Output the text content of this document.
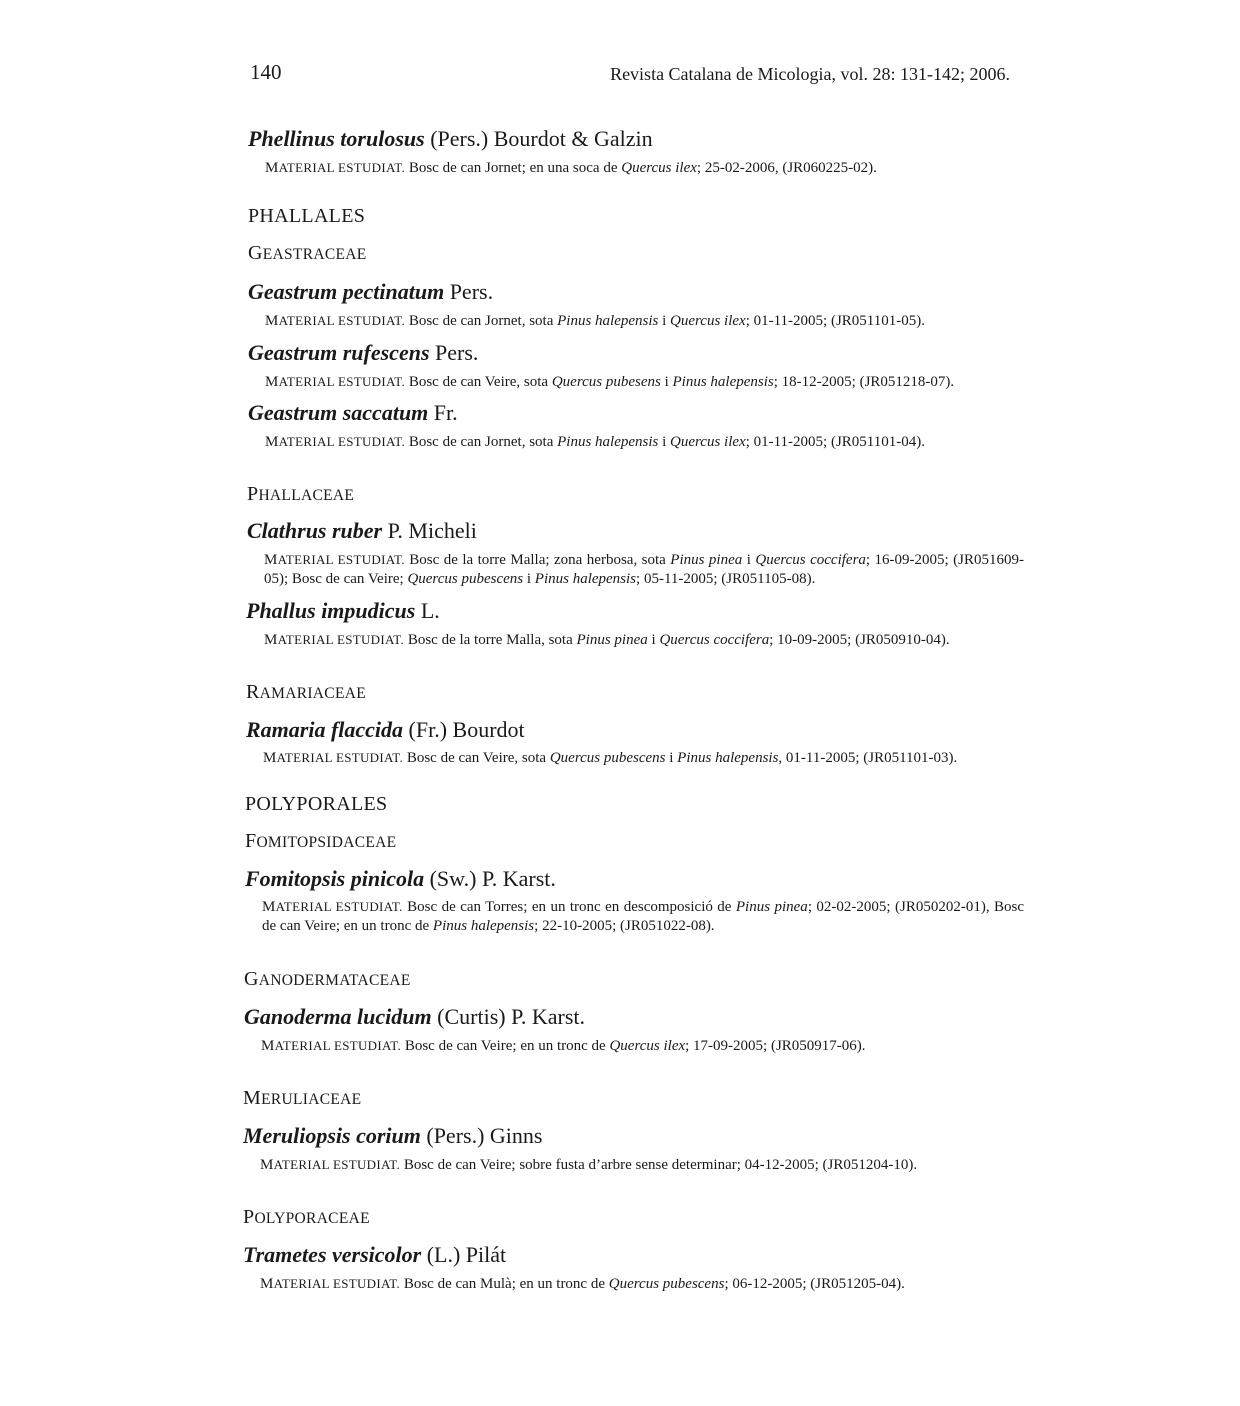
140	Revista Catalana de Micologia, vol. 28: 131-142; 2006.
Phellinus torulosus (Pers.) Bourdot & Galzin
MATERIAL ESTUDIAT. Bosc de can Jornet; en una soca de Quercus ilex; 25-02-2006, (JR060225-02).
PHALLALES
GEASTRACEAE
Geastrum pectinatum Pers.
MATERIAL ESTUDIAT. Bosc de can Jornet, sota Pinus halepensis i Quercus ilex; 01-11-2005; (JR051101-05).
Geastrum rufescens Pers.
MATERIAL ESTUDIAT. Bosc de can Veire, sota Quercus pubesens i Pinus halepensis; 18-12-2005; (JR051218-07).
Geastrum saccatum Fr.
MATERIAL ESTUDIAT. Bosc de can Jornet, sota Pinus halepensis i Quercus ilex; 01-11-2005; (JR051101-04).
PHALLACEAE
Clathrus ruber P. Micheli
MATERIAL ESTUDIAT. Bosc de la torre Malla; zona herbosa, sota Pinus pinea i Quercus coccifera; 16-09-2005; (JR051609-05); Bosc de can Veire; Quercus pubescens i Pinus halepensis; 05-11-2005; (JR051105-08).
Phallus impudicus L.
MATERIAL ESTUDIAT. Bosc de la torre Malla, sota Pinus pinea i Quercus coccifera; 10-09-2005; (JR050910-04).
RAMARIACEAE
Ramaria flaccida (Fr.) Bourdot
MATERIAL ESTUDIAT. Bosc de can Veire, sota Quercus pubescens i Pinus halepensis, 01-11-2005; (JR051101-03).
POLYPORALES
FOMITOPSIDACEAE
Fomitopsis pinicola (Sw.) P. Karst.
MATERIAL ESTUDIAT. Bosc de can Torres; en un tronc en descomposició de Pinus pinea; 02-02-2005; (JR050202-01), Bosc de can Veire; en un tronc de Pinus halepensis; 22-10-2005; (JR051022-08).
GANODERMATACEAE
Ganoderma lucidum (Curtis) P. Karst.
MATERIAL ESTUDIAT. Bosc de can Veire; en un tronc de Quercus ilex; 17-09-2005; (JR050917-06).
MERULIACEAE
Meruliopsis corium (Pers.) Ginns
MATERIAL ESTUDIAT. Bosc de can Veire; sobre fusta d’arbre sense determinar; 04-12-2005; (JR051204-10).
POLYPORACEAE
Trametes versicolor (L.) Pilát
MATERIAL ESTUDIAT. Bosc de can Mulà; en un tronc de Quercus pubescens; 06-12-2005; (JR051205-04).
